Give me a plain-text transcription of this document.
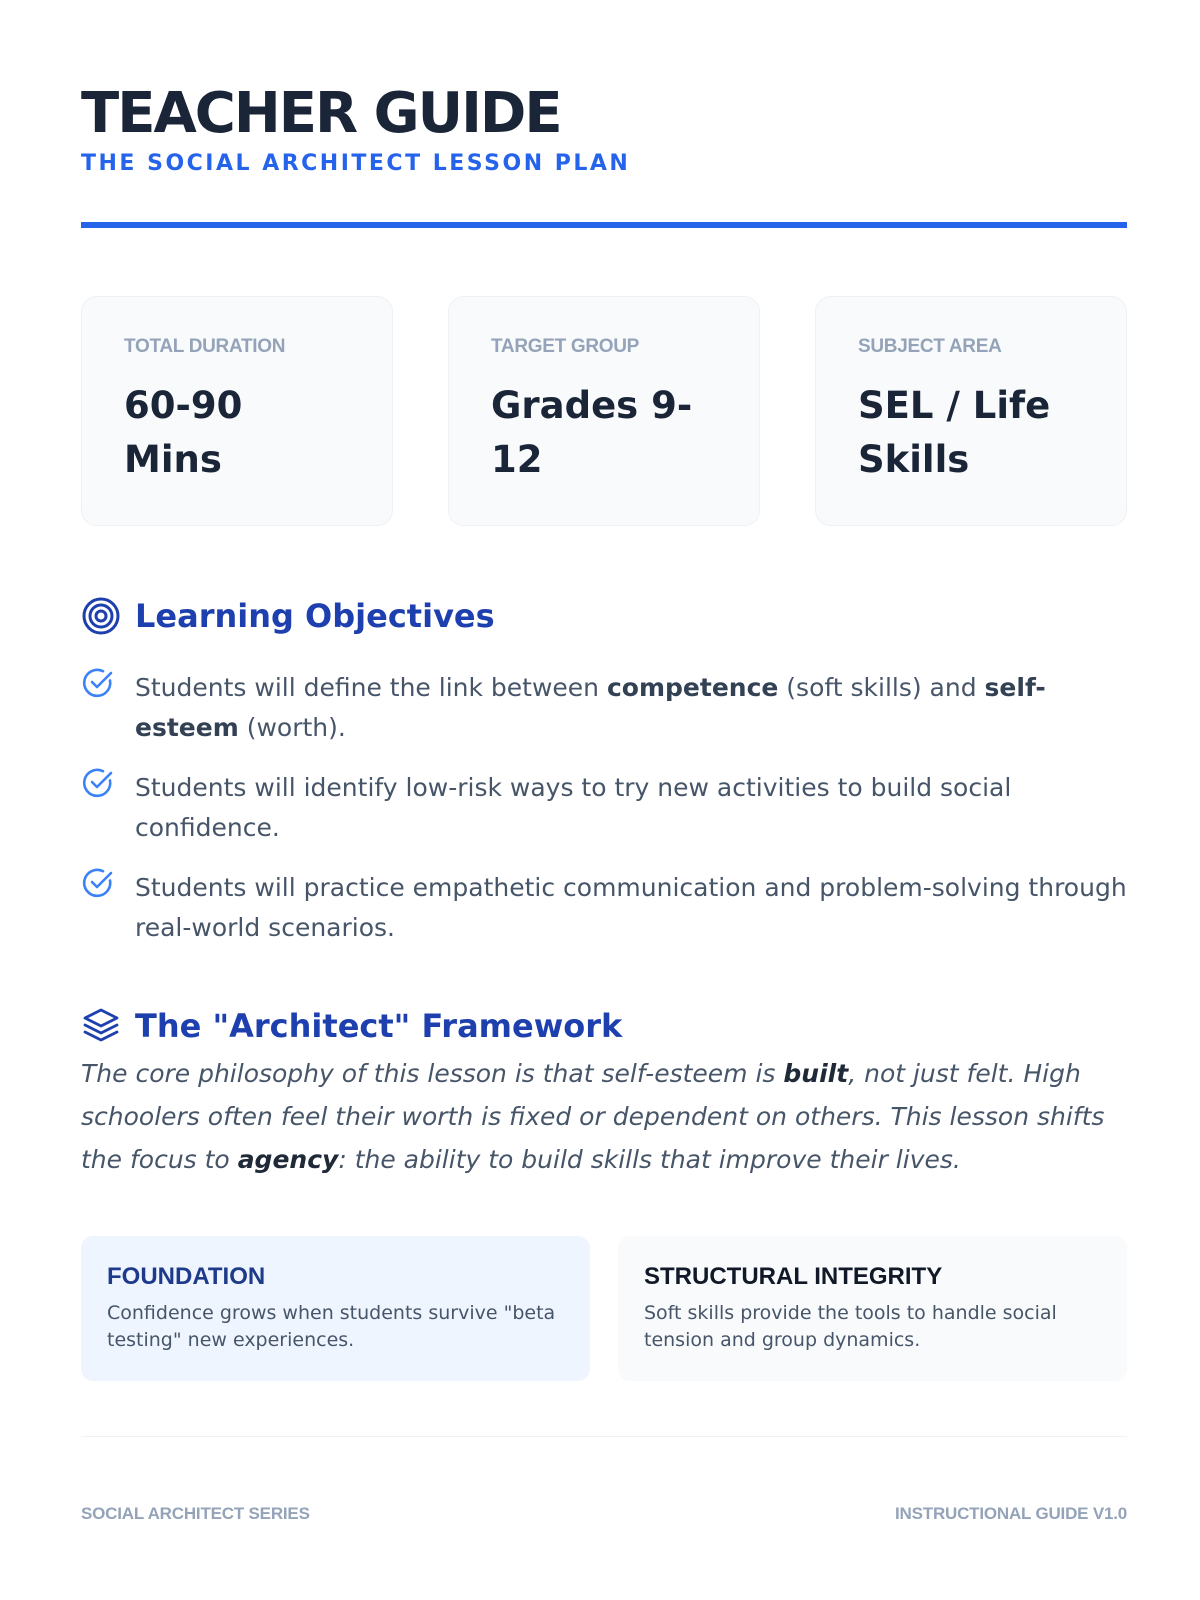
TEACHER GUIDE
THE SOCIAL ARCHITECT LESSON PLAN
TOTAL DURATION
60-90 Mins
TARGET GROUP
Grades 9-12
SUBJECT AREA
SEL / Life Skills
Learning Objectives
Students will define the link between competence (soft skills) and self-esteem (worth).
Students will identify low-risk ways to try new activities to build social confidence.
Students will practice empathetic communication and problem-solving through real-world scenarios.
The "Architect" Framework

The core philosophy of this lesson is that self-esteem is built, not just felt. High schoolers often feel their worth is fixed or dependent on others. This lesson shifts the focus to agency: the ability to build skills that improve their lives.

FOUNDATION
Confidence grows when students survive "beta testing" new experiences.
STRUCTURAL INTEGRITY
Soft skills provide the tools to handle social tension and group dynamics.
SOCIAL ARCHITECT SERIES	INSTRUCTIONAL GUIDE V1.0
